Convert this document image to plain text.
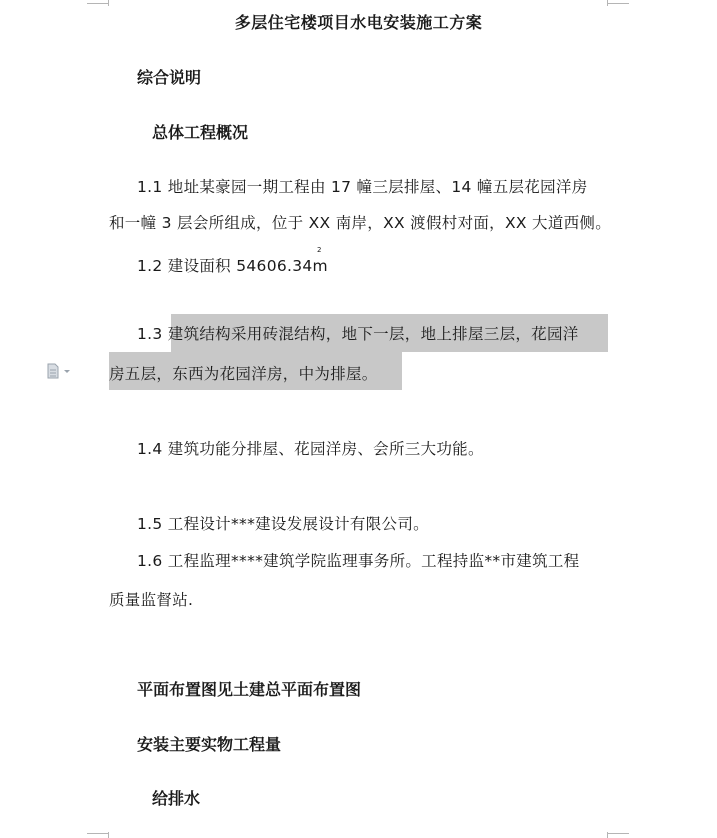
多层住宅楼项目水电安装施工方案
综合说明
总体工程概况
1.1 地址某豪园一期工程由 17 幢三层排屋、14 幢五层花园洋房
和一幢 3 层会所组成，位于 XX 南岸，XX 渡假村对面，XX 大道西侧。
1.2 建设面积 54606.34m
2
1.3 建筑结构采用砖混结构，地下一层，地上排屋三层，花园洋
房五层，东西为花园洋房，中为排屋。
1.4 建筑功能分排屋、花园洋房、会所三大功能。
1.5 工程设计***建设发展设计有限公司。
1.6 工程监理****建筑学院监理事务所。工程持监**市建筑工程
质量监督站.
平面布置图见土建总平面布置图
安装主要实物工程量
给排水
